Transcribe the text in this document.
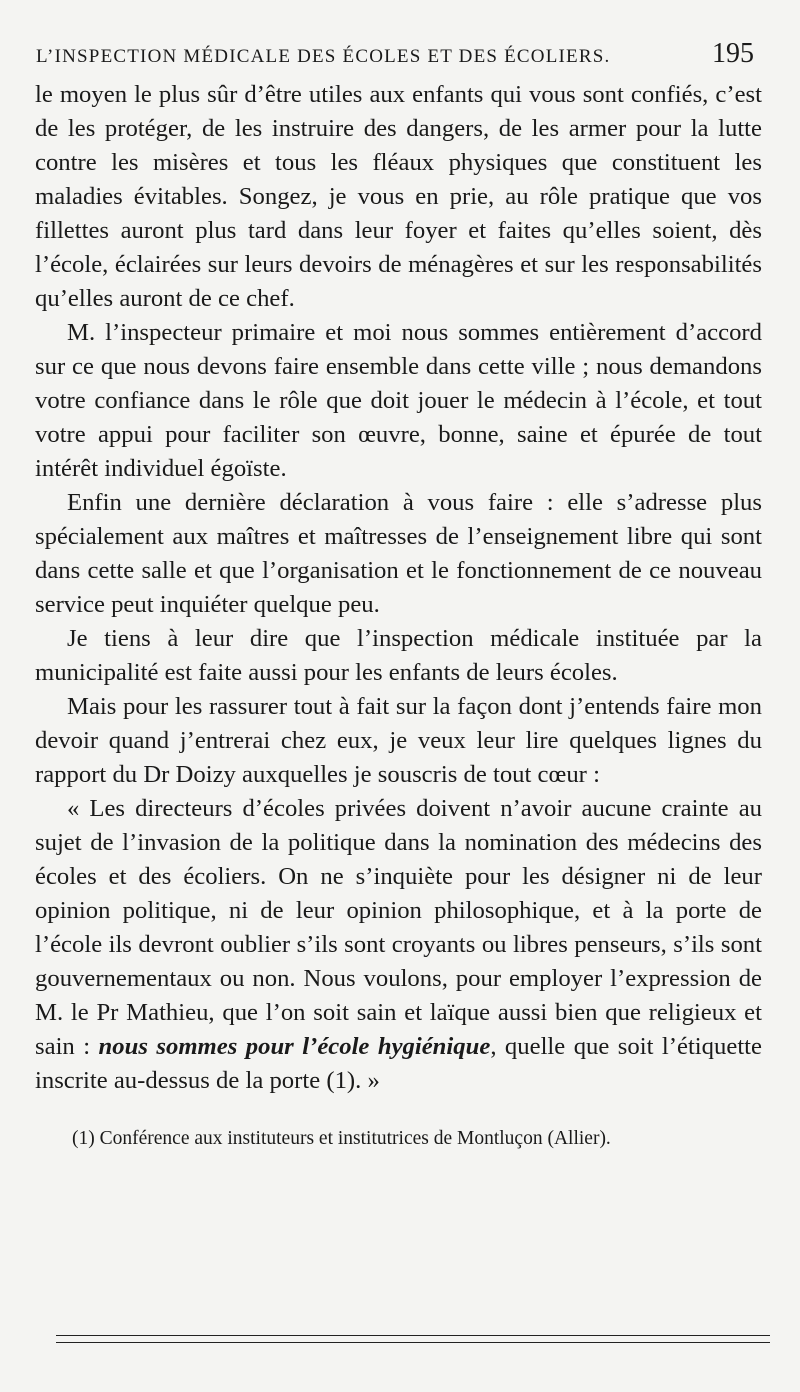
L’INSPECTION MÉDICALE DES ÉCOLES ET DES ÉCOLIERS.	195

le moyen le plus sûr d’être utiles aux enfants qui vous sont confiés, c’est de les protéger, de les instruire des dangers, de les armer pour la lutte contre les misères et tous les fléaux physiques que constituent les maladies évitables. Songez, je vous en prie, au rôle pratique que vos fillettes auront plus tard dans leur foyer et faites qu’elles soient, dès l’école, éclairées sur leurs devoirs de ménagères et sur les responsabilités qu’elles auront de ce chef.

M. l’inspecteur primaire et moi nous sommes entièrement d’accord sur ce que nous devons faire ensemble dans cette ville ; nous demandons votre confiance dans le rôle que doit jouer le médecin à l’école, et tout votre appui pour faciliter son œuvre, bonne, saine et épurée de tout intérêt individuel égoïste.

Enfin une dernière déclaration à vous faire : elle s’adresse plus spécialement aux maîtres et maîtresses de l’enseignement libre qui sont dans cette salle et que l’organisation et le fonctionnement de ce nouveau service peut inquiéter quelque peu.

Je tiens à leur dire que l’inspection médicale instituée par la municipalité est faite aussi pour les enfants de leurs écoles.

Mais pour les rassurer tout à fait sur la façon dont j’entends faire mon devoir quand j’entrerai chez eux, je veux leur lire quelques lignes du rapport du Dr Doizy auxquelles je souscris de tout cœur :

« Les directeurs d’écoles privées doivent n’avoir aucune crainte au sujet de l’invasion de la politique dans la nomination des médecins des écoles et des écoliers. On ne s’inquiète pour les désigner ni de leur opinion politique, ni de leur opinion philosophique, et à la porte de l’école ils devront oublier s’ils sont croyants ou libres penseurs, s’ils sont gouvernementaux ou non. Nous voulons, pour employer l’expression de M. le Pr Mathieu, que l’on soit sain et laïque aussi bien que religieux et sain : nous sommes pour l’école hygiénique, quelle que soit l’étiquette inscrite au-dessus de la porte (1). »

(1) Conférence aux instituteurs et institutrices de Montluçon (Allier).
